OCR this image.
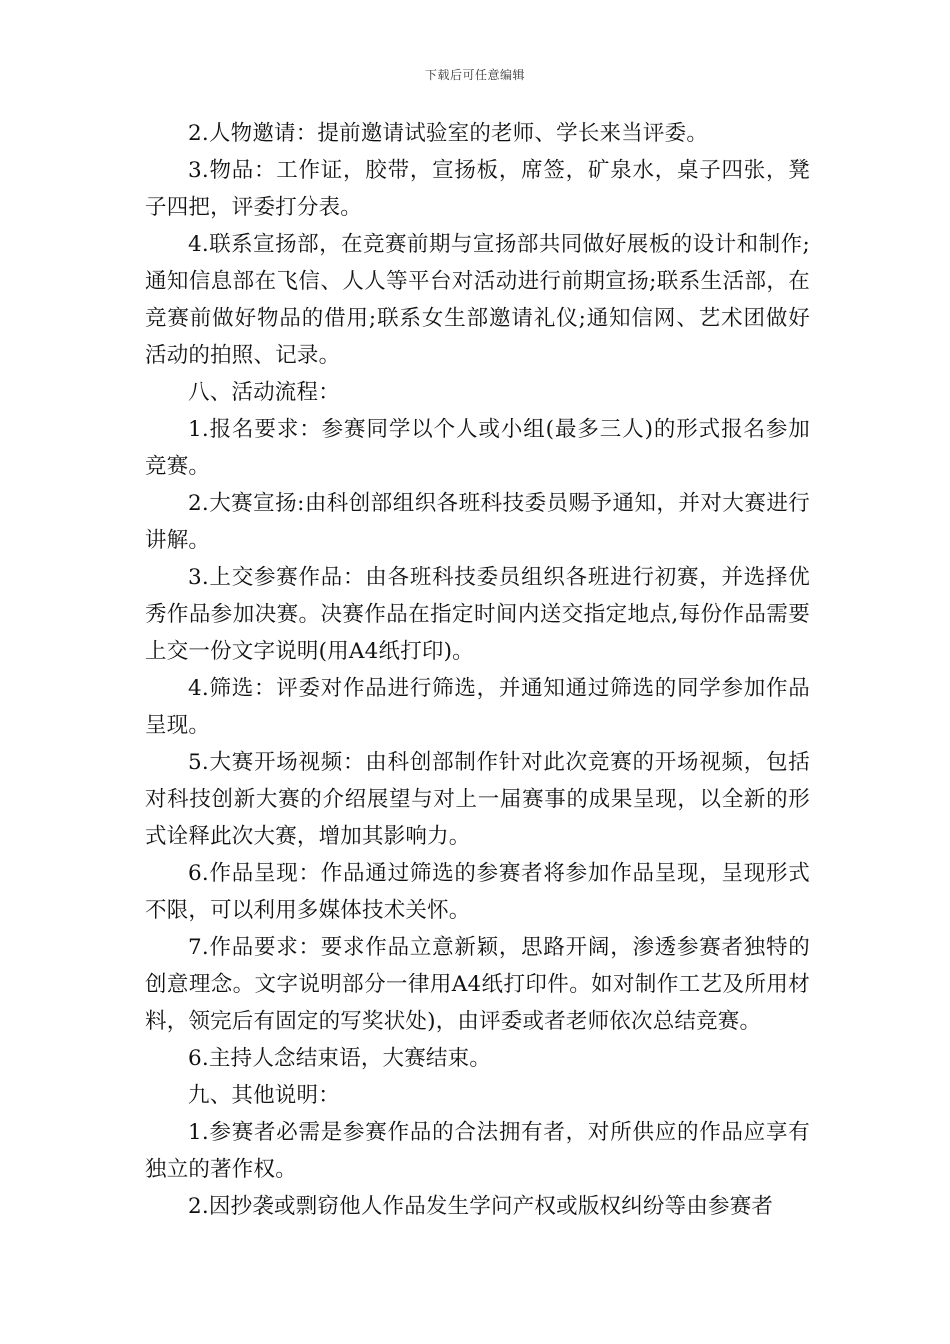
下载后可任意编辑

2.人物邀请：提前邀请试验室的老师、学长来当评委。

3.物品：工作证，胶带，宣扬板，席签，矿泉水，桌子四张，凳子四把，评委打分表。

4.联系宣扬部，在竞赛前期与宣扬部共同做好展板的设计和制作;通知信息部在飞信、人人等平台对活动进行前期宣扬;联系生活部，在竞赛前做好物品的借用;联系女生部邀请礼仪;通知信网、艺术团做好活动的拍照、记录。

八、活动流程：

1.报名要求：参赛同学以个人或小组(最多三人)的形式报名参加竞赛。

2.大赛宣扬:由科创部组织各班科技委员赐予通知，并对大赛进行讲解。

3.上交参赛作品：由各班科技委员组织各班进行初赛，并选择优秀作品参加决赛。决赛作品在指定时间内送交指定地点,每份作品需要上交一份文字说明(用A4纸打印)。

4.筛选：评委对作品进行筛选，并通知通过筛选的同学参加作品呈现。

5.大赛开场视频：由科创部制作针对此次竞赛的开场视频，包括对科技创新大赛的介绍展望与对上一届赛事的成果呈现，以全新的形式诠释此次大赛，增加其影响力。

6.作品呈现：作品通过筛选的参赛者将参加作品呈现，呈现形式不限，可以利用多媒体技术关怀。

7.作品要求：要求作品立意新颖，思路开阔，渗透参赛者独特的创意理念。文字说明部分一律用A4纸打印件。如对制作工艺及所用材料，领完后有固定的写奖状处)，由评委或者老师依次总结竞赛。

6.主持人念结束语，大赛结束。

九、其他说明：

1.参赛者必需是参赛作品的合法拥有者，对所供应的作品应享有独立的著作权。

2.因抄袭或剽窃他人作品发生学问产权或版权纠纷等由参赛者
